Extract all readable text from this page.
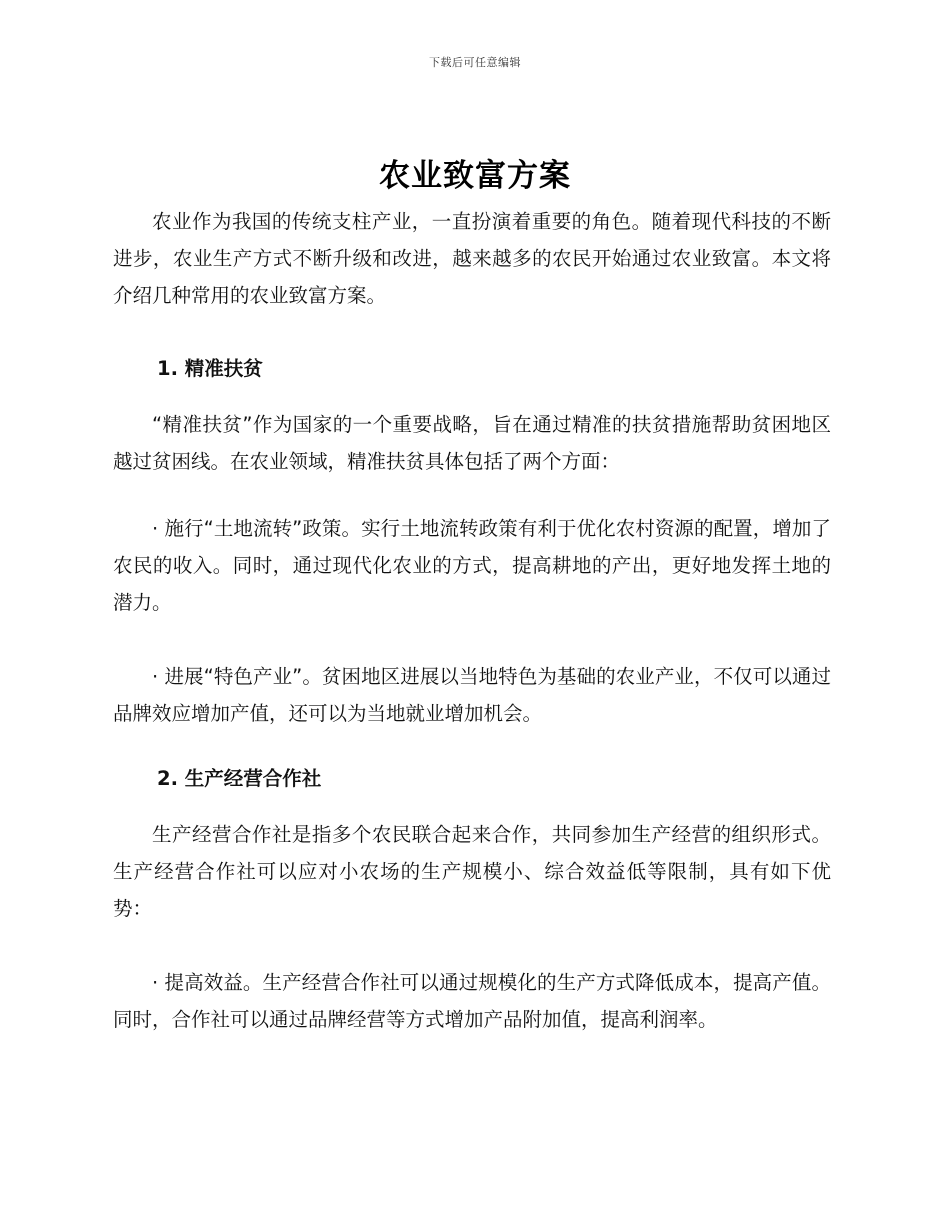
下载后可任意编辑
农业致富方案

农业作为我国的传统支柱产业，一直扮演着重要的角色。随着现代科技的不断进步，农业生产方式不断升级和改进，越来越多的农民开始通过农业致富。本文将介绍几种常用的农业致富方案。

1. 精准扶贫

“精准扶贫”作为国家的一个重要战略，旨在通过精准的扶贫措施帮助贫困地区越过贫困线。在农业领域，精准扶贫具体包括了两个方面：

· 施行“土地流转”政策。实行土地流转政策有利于优化农村资源的配置，增加了农民的收入。同时，通过现代化农业的方式，提高耕地的产出，更好地发挥土地的潜力。

· 进展“特色产业”。贫困地区进展以当地特色为基础的农业产业，不仅可以通过品牌效应增加产值，还可以为当地就业增加机会。

2. 生产经营合作社

生产经营合作社是指多个农民联合起来合作，共同参加生产经营的组织形式。生产经营合作社可以应对小农场的生产规模小、综合效益低等限制，具有如下优势：

· 提高效益。生产经营合作社可以通过规模化的生产方式降低成本，提高产值。同时，合作社可以通过品牌经营等方式增加产品附加值，提高利润率。
